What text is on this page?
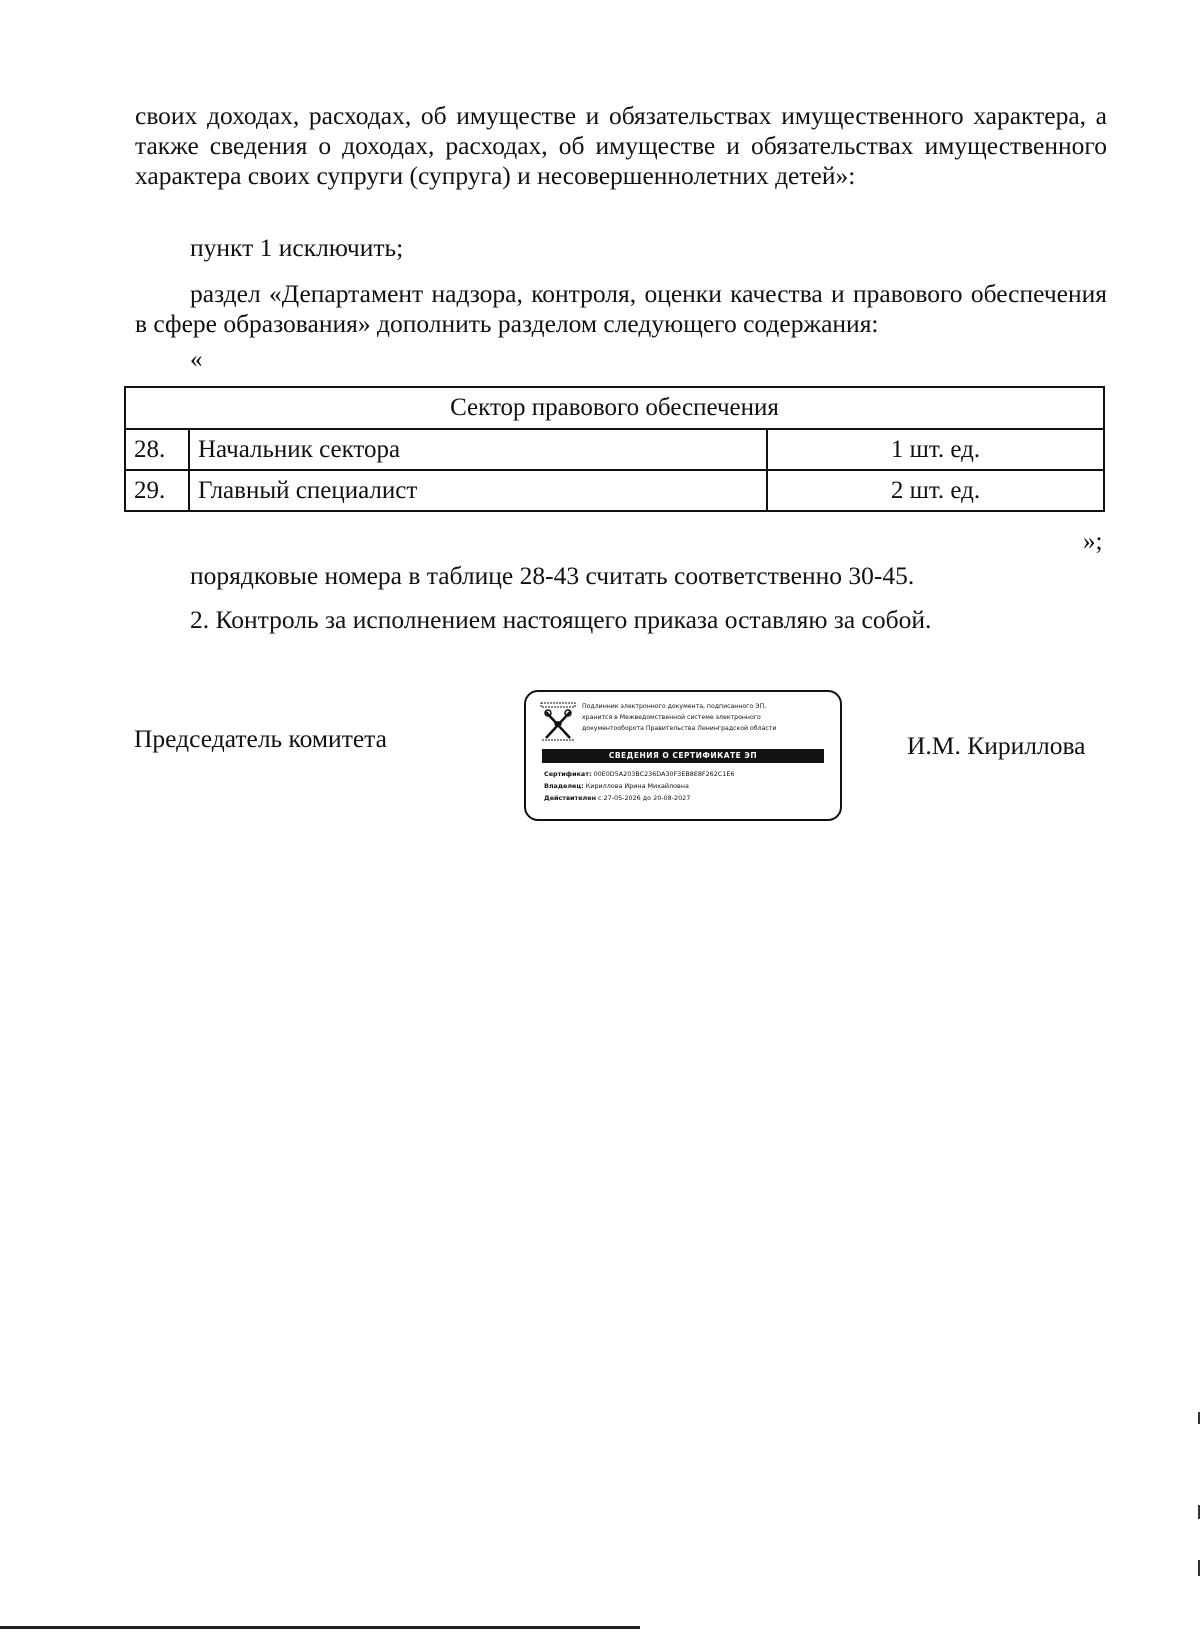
своих доходах, расходах, об имуществе и обязательствах имущественного характера, а также сведения о доходах, расходах, об имуществе и обязательствах имущественного характера своих супруги (супруга) и несовершеннолетних детей»:

пункт 1 исключить;

раздел «Департамент надзора, контроля, оценки качества и правового обеспечения в сфере образования» дополнить разделом следующего содержания:

«
Сектор правового обеспечения		
28.	Начальник сектора	1 шт. ед.
29.	Главный специалист	2 шт. ед.
»;

порядковые номера в таблице 28-43 считать соответственно 30-45.

2. Контроль за исполнением настоящего приказа оставляю за собой.

Председатель комитета
Подлинник электронного документа, подписанного ЭП,
хранится в Межведомственной системе электронного
документооборота Правительства Ленинградской области
СВЕДЕНИЯ О СЕРТИФИКАТЕ ЭП
Сертификат: 00E0D5A203BC236DA30F3EB8E8F262C1E6
Владелец: Кириллова Ирина Михайловна
Действителен с 27-05-2026 до 20-08-2027
И.М. Кириллова
